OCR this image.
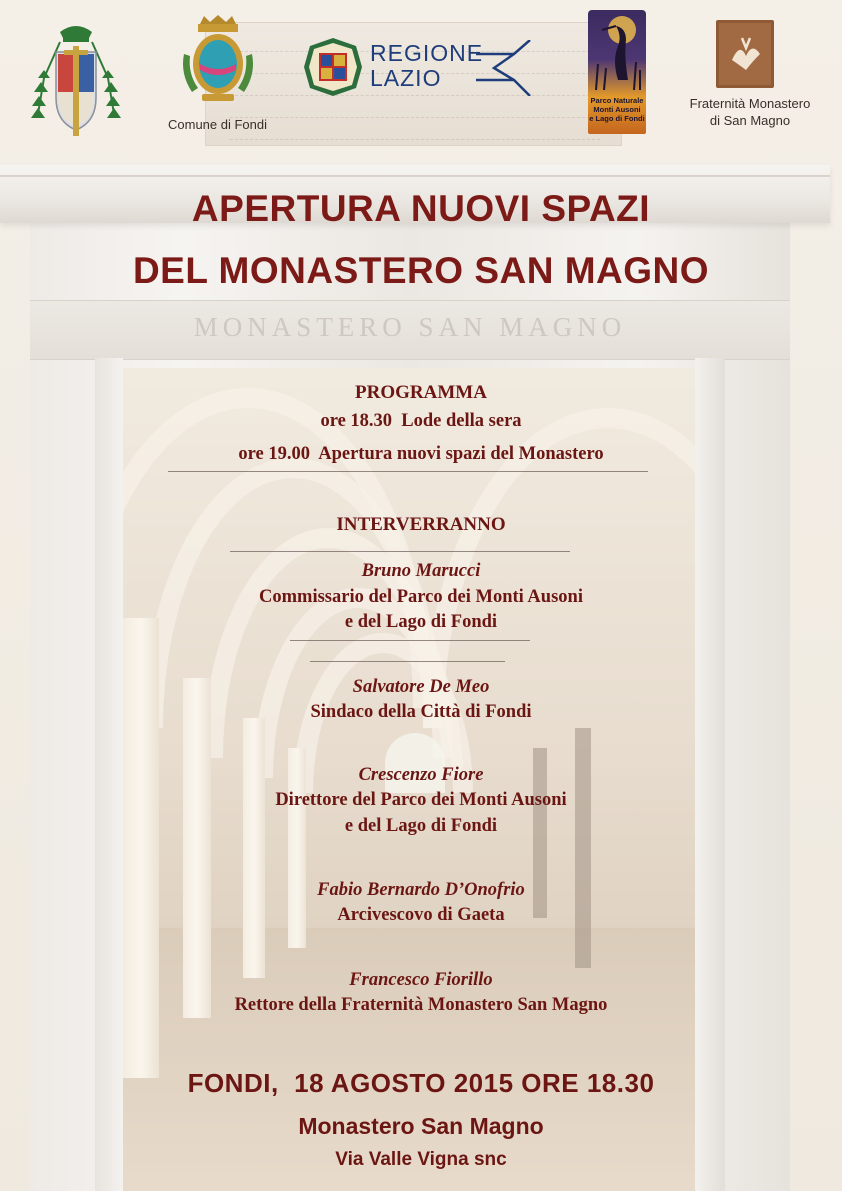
Comune di Fondi
REGIONE
LAZIO
Parco Naturale
Monti Ausoni
e Lago di Fondi
Fraternità Monastero
di San Magno
MONASTERO SAN MAGNO
APERTURA NUOVI SPAZI
DEL MONASTERO SAN MAGNO
PROGRAMMA
ore 18.30 Lode della sera
ore 19.00 Apertura nuovi spazi del Monastero
INTERVERRANNO
Bruno Marucci
Commissario del Parco dei Monti Ausoni
e del Lago di Fondi
Salvatore De Meo
Sindaco della Città di Fondi
Crescenzo Fiore
Direttore del Parco dei Monti Ausoni
e del Lago di Fondi
Fabio Bernardo D’Onofrio
Arcivescovo di Gaeta
Francesco Fiorillo
Rettore della Fraternità Monastero San Magno
FONDI,  18 AGOSTO 2015 ORE 18.30
Monastero San Magno
Via Valle Vigna snc
